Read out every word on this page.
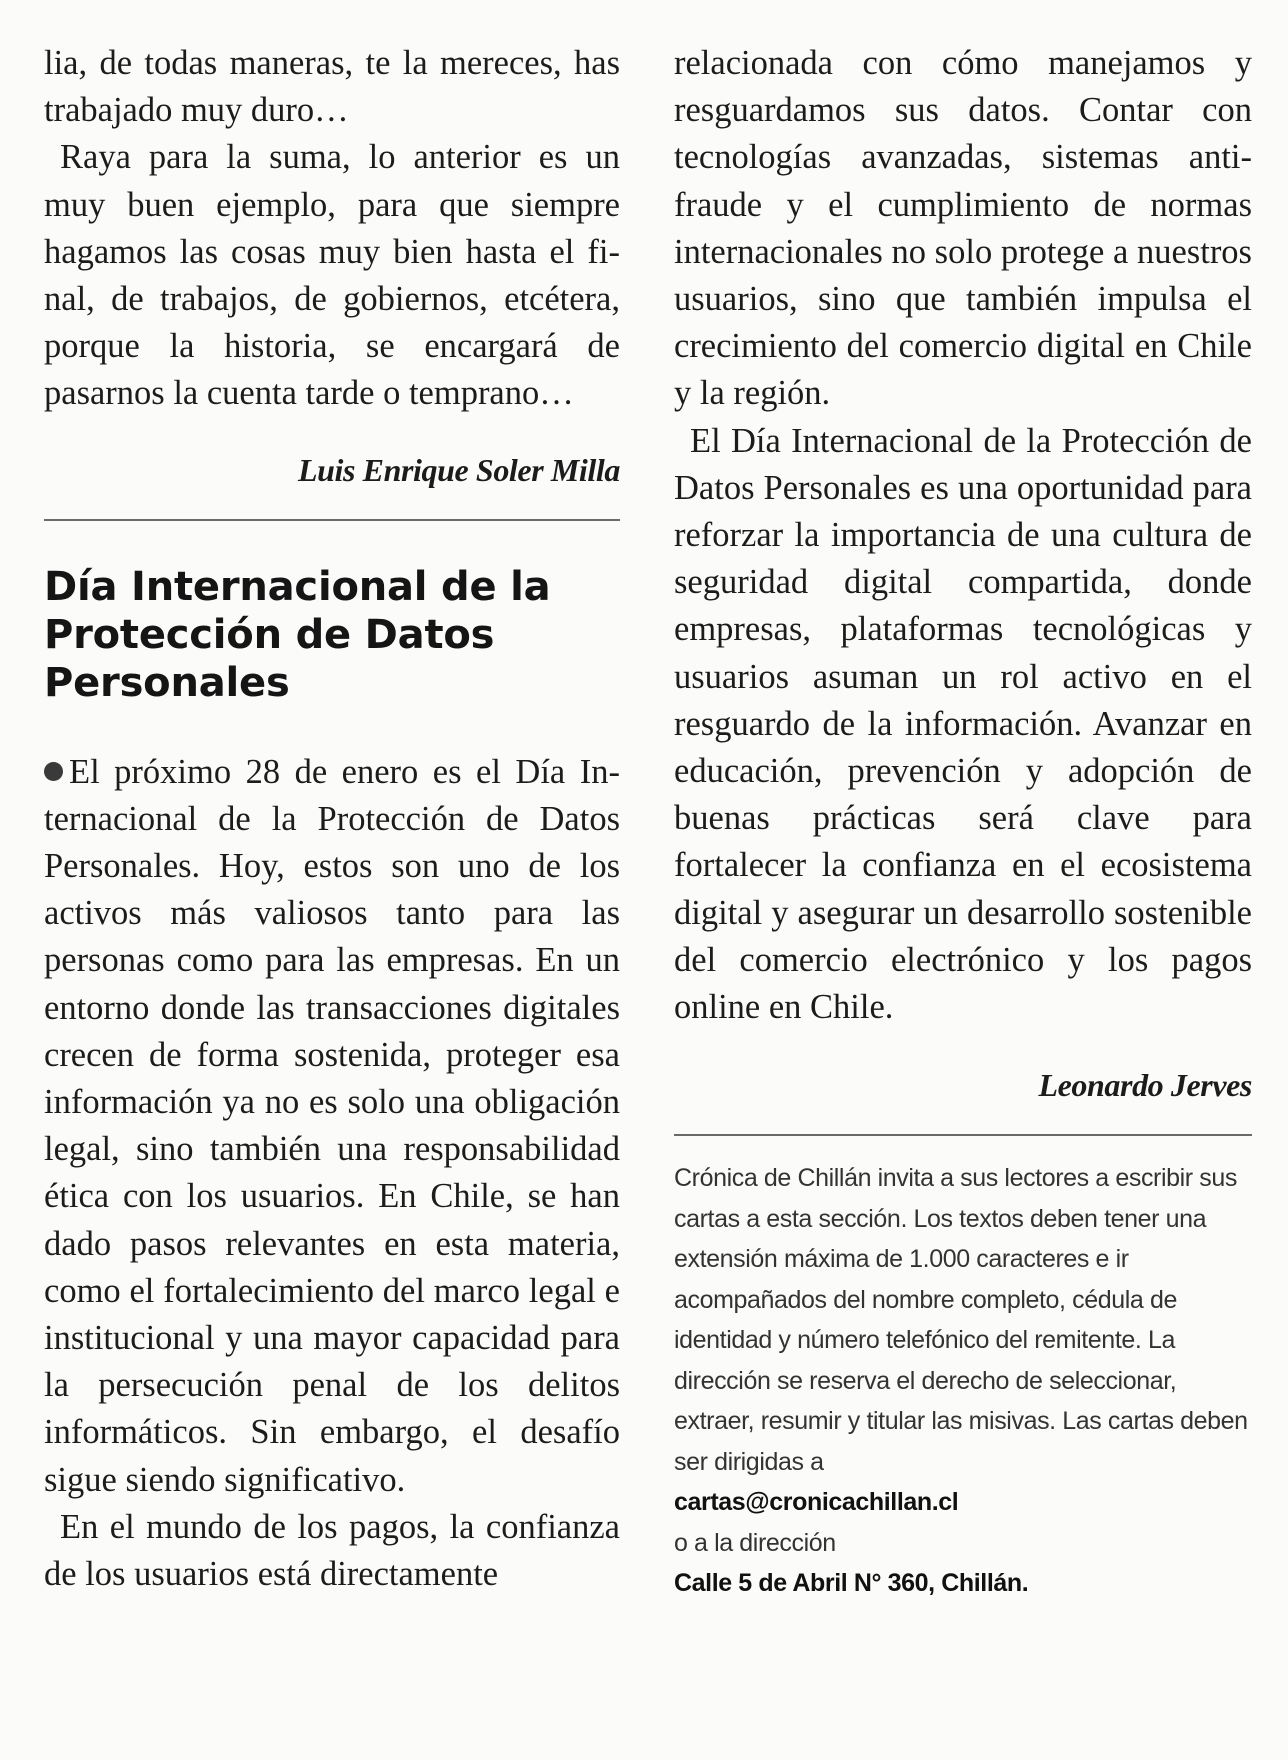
lia, de todas maneras, te la mereces, has trabajado muy duro…

Raya para la suma, lo anterior es un muy buen ejemplo, para que siempre hagamos las cosas muy bien hasta el final, de trabajos, de gobiernos, etcétera, porque la historia, se encargará de pasarnos la cuenta tarde o temprano…

Luis Enrique Soler Milla

Día Internacional de la Protección de Datos Personales

El próximo 28 de enero es el Día Internacional de la Protección de Datos Personales. Hoy, estos son uno de los activos más valiosos tanto para las personas como para las empresas. En un entorno donde las transacciones digitales crecen de forma sostenida, proteger esa información ya no es solo una obligación legal, sino también una responsabilidad ética con los usuarios. En Chile, se han dado pasos relevantes en esta materia, como el fortalecimiento del marco legal e institucional y una mayor capacidad para la persecución penal de los delitos informáticos. Sin embargo, el desafío sigue siendo significativo.

En el mundo de los pagos, la confianza de los usuarios está directamente

relacionada con cómo manejamos y resguardamos sus datos. Contar con tecnologías avanzadas, sistemas antifraude y el cumplimiento de normas internacionales no solo protege a nuestros usuarios, sino que también impulsa el crecimiento del comercio digital en Chile y la región.

El Día Internacional de la Protección de Datos Personales es una oportunidad para reforzar la importancia de una cultura de seguridad digital compartida, donde empresas, plataformas tecnológicas y usuarios asuman un rol activo en el resguardo de la información. Avanzar en educación, prevención y adopción de buenas prácticas será clave para fortalecer la confianza en el ecosistema digital y asegurar un desarrollo sostenible del comercio electrónico y los pagos online en Chile.

Leonardo Jerves

Crónica de Chillán invita a sus lectores a escribir sus cartas a esta sección. Los textos deben tener una extensión máxima de 1.000 caracteres e ir acompañados del nombre completo, cédula de identidad y número telefónico del remitente. La dirección se reserva el derecho de seleccionar, extraer, resumir y titular las misivas. Las cartas deben ser dirigidas a
cartas@cronicachillan.cl
o a la dirección
Calle 5 de Abril N° 360, Chillán.
